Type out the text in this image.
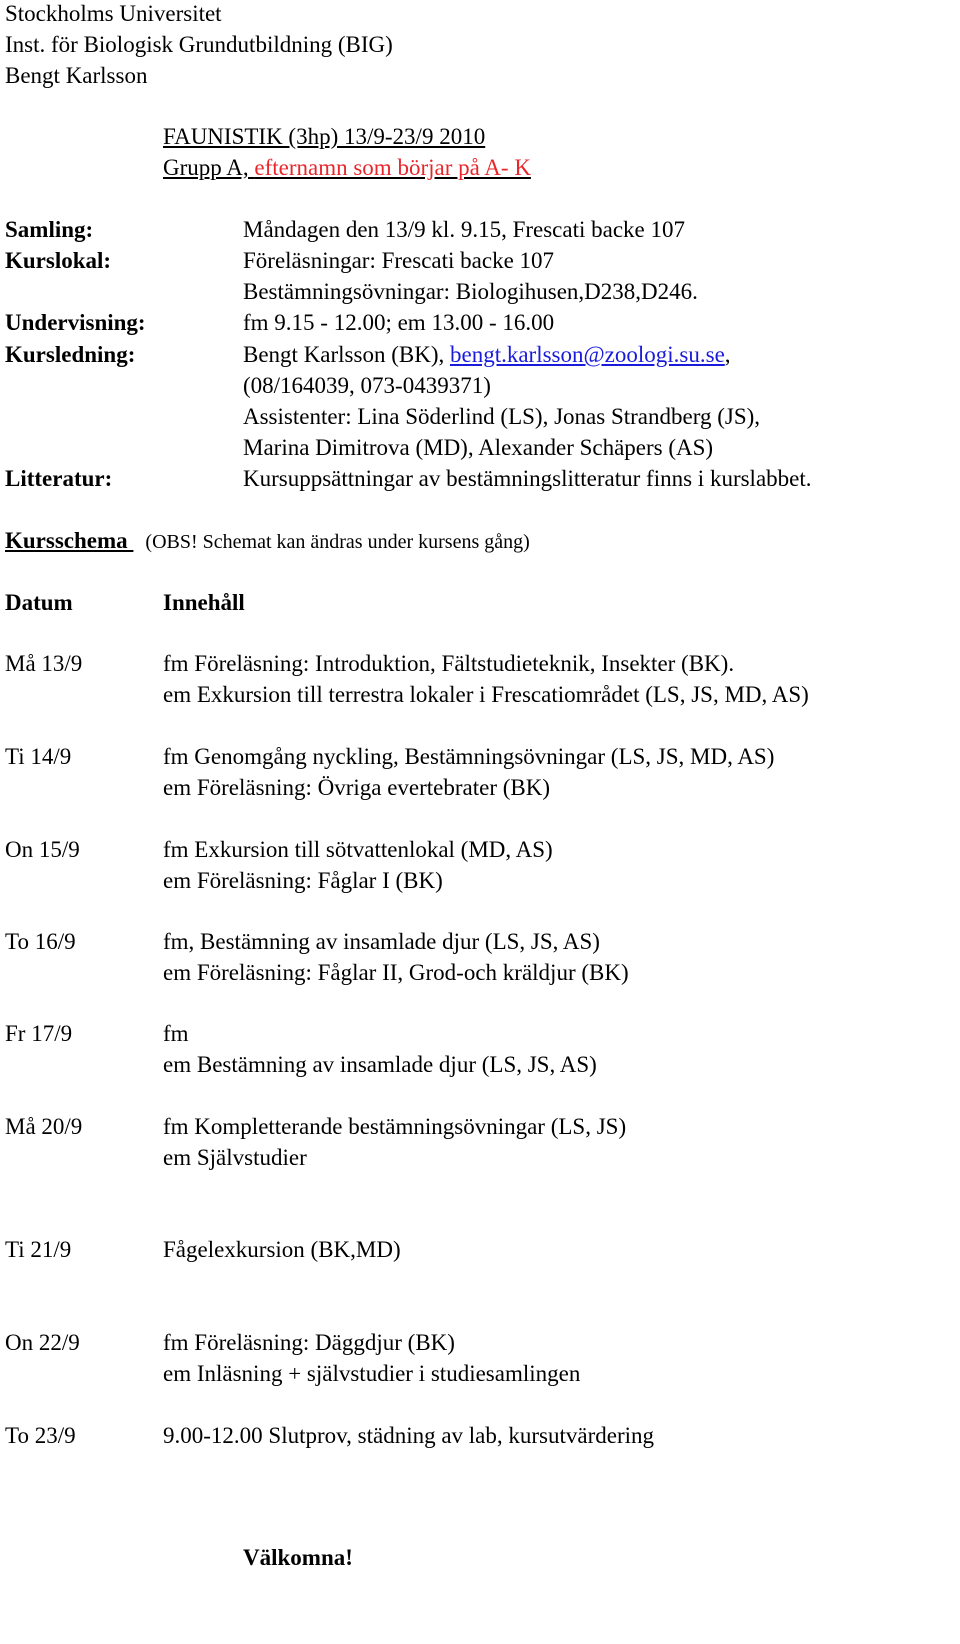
Stockholms Universitet
Inst. för Biologisk Grundutbildning (BIG)
Bengt Karlsson
FAUNISTIK (3hp) 13/9-23/9 2010
Grupp A, efternamn som börjar på A- K
Samling:	Måndagen den 13/9 kl. 9.15, Frescati backe 107
Kurslokal:	Föreläsningar: Frescati backe 107
Bestämningsövningar: Biologihusen,D238,D246.
Undervisning:	fm 9.15 - 12.00; em 13.00 - 16.00
Kursledning:	Bengt Karlsson (BK), bengt.karlsson@zoologi.su.se,
(08/164039, 073-0439371)
Assistenter: Lina Söderlind (LS), Jonas Strandberg (JS),
Marina Dimitrova (MD), Alexander Schäpers (AS)
Litteratur:	Kursuppsättningar av bestämningslitteratur finns i kurslabbet.
Kursschema (OBS! Schemat kan ändras under kursens gång)
Datum	Innehåll
Må 13/9	fm Föreläsning: Introduktion, Fältstudieteknik, Insekter (BK).
em Exkursion till terrestra lokaler i Frescatiområdet (LS, JS, MD, AS)
Ti 14/9	fm Genomgång nyckling, Bestämningsövningar (LS, JS, MD, AS)
em Föreläsning: Övriga evertebrater (BK)
On 15/9	fm Exkursion till sötvattenlokal (MD, AS)
em Föreläsning: Fåglar I (BK)
To 16/9	fm, Bestämning av insamlade djur (LS, JS, AS)
em Föreläsning: Fåglar II, Grod-och kräldjur (BK)
Fr 17/9	fm
em Bestämning av insamlade djur (LS, JS, AS)
Må 20/9	fm Kompletterande bestämningsövningar (LS, JS)
em Självstudier
Ti 21/9	Fågelexkursion (BK,MD)
On 22/9	fm Föreläsning: Däggdjur (BK)
em Inläsning + självstudier i studiesamlingen
To 23/9	9.00-12.00 Slutprov, städning av lab, kursutvärdering
Välkomna!
